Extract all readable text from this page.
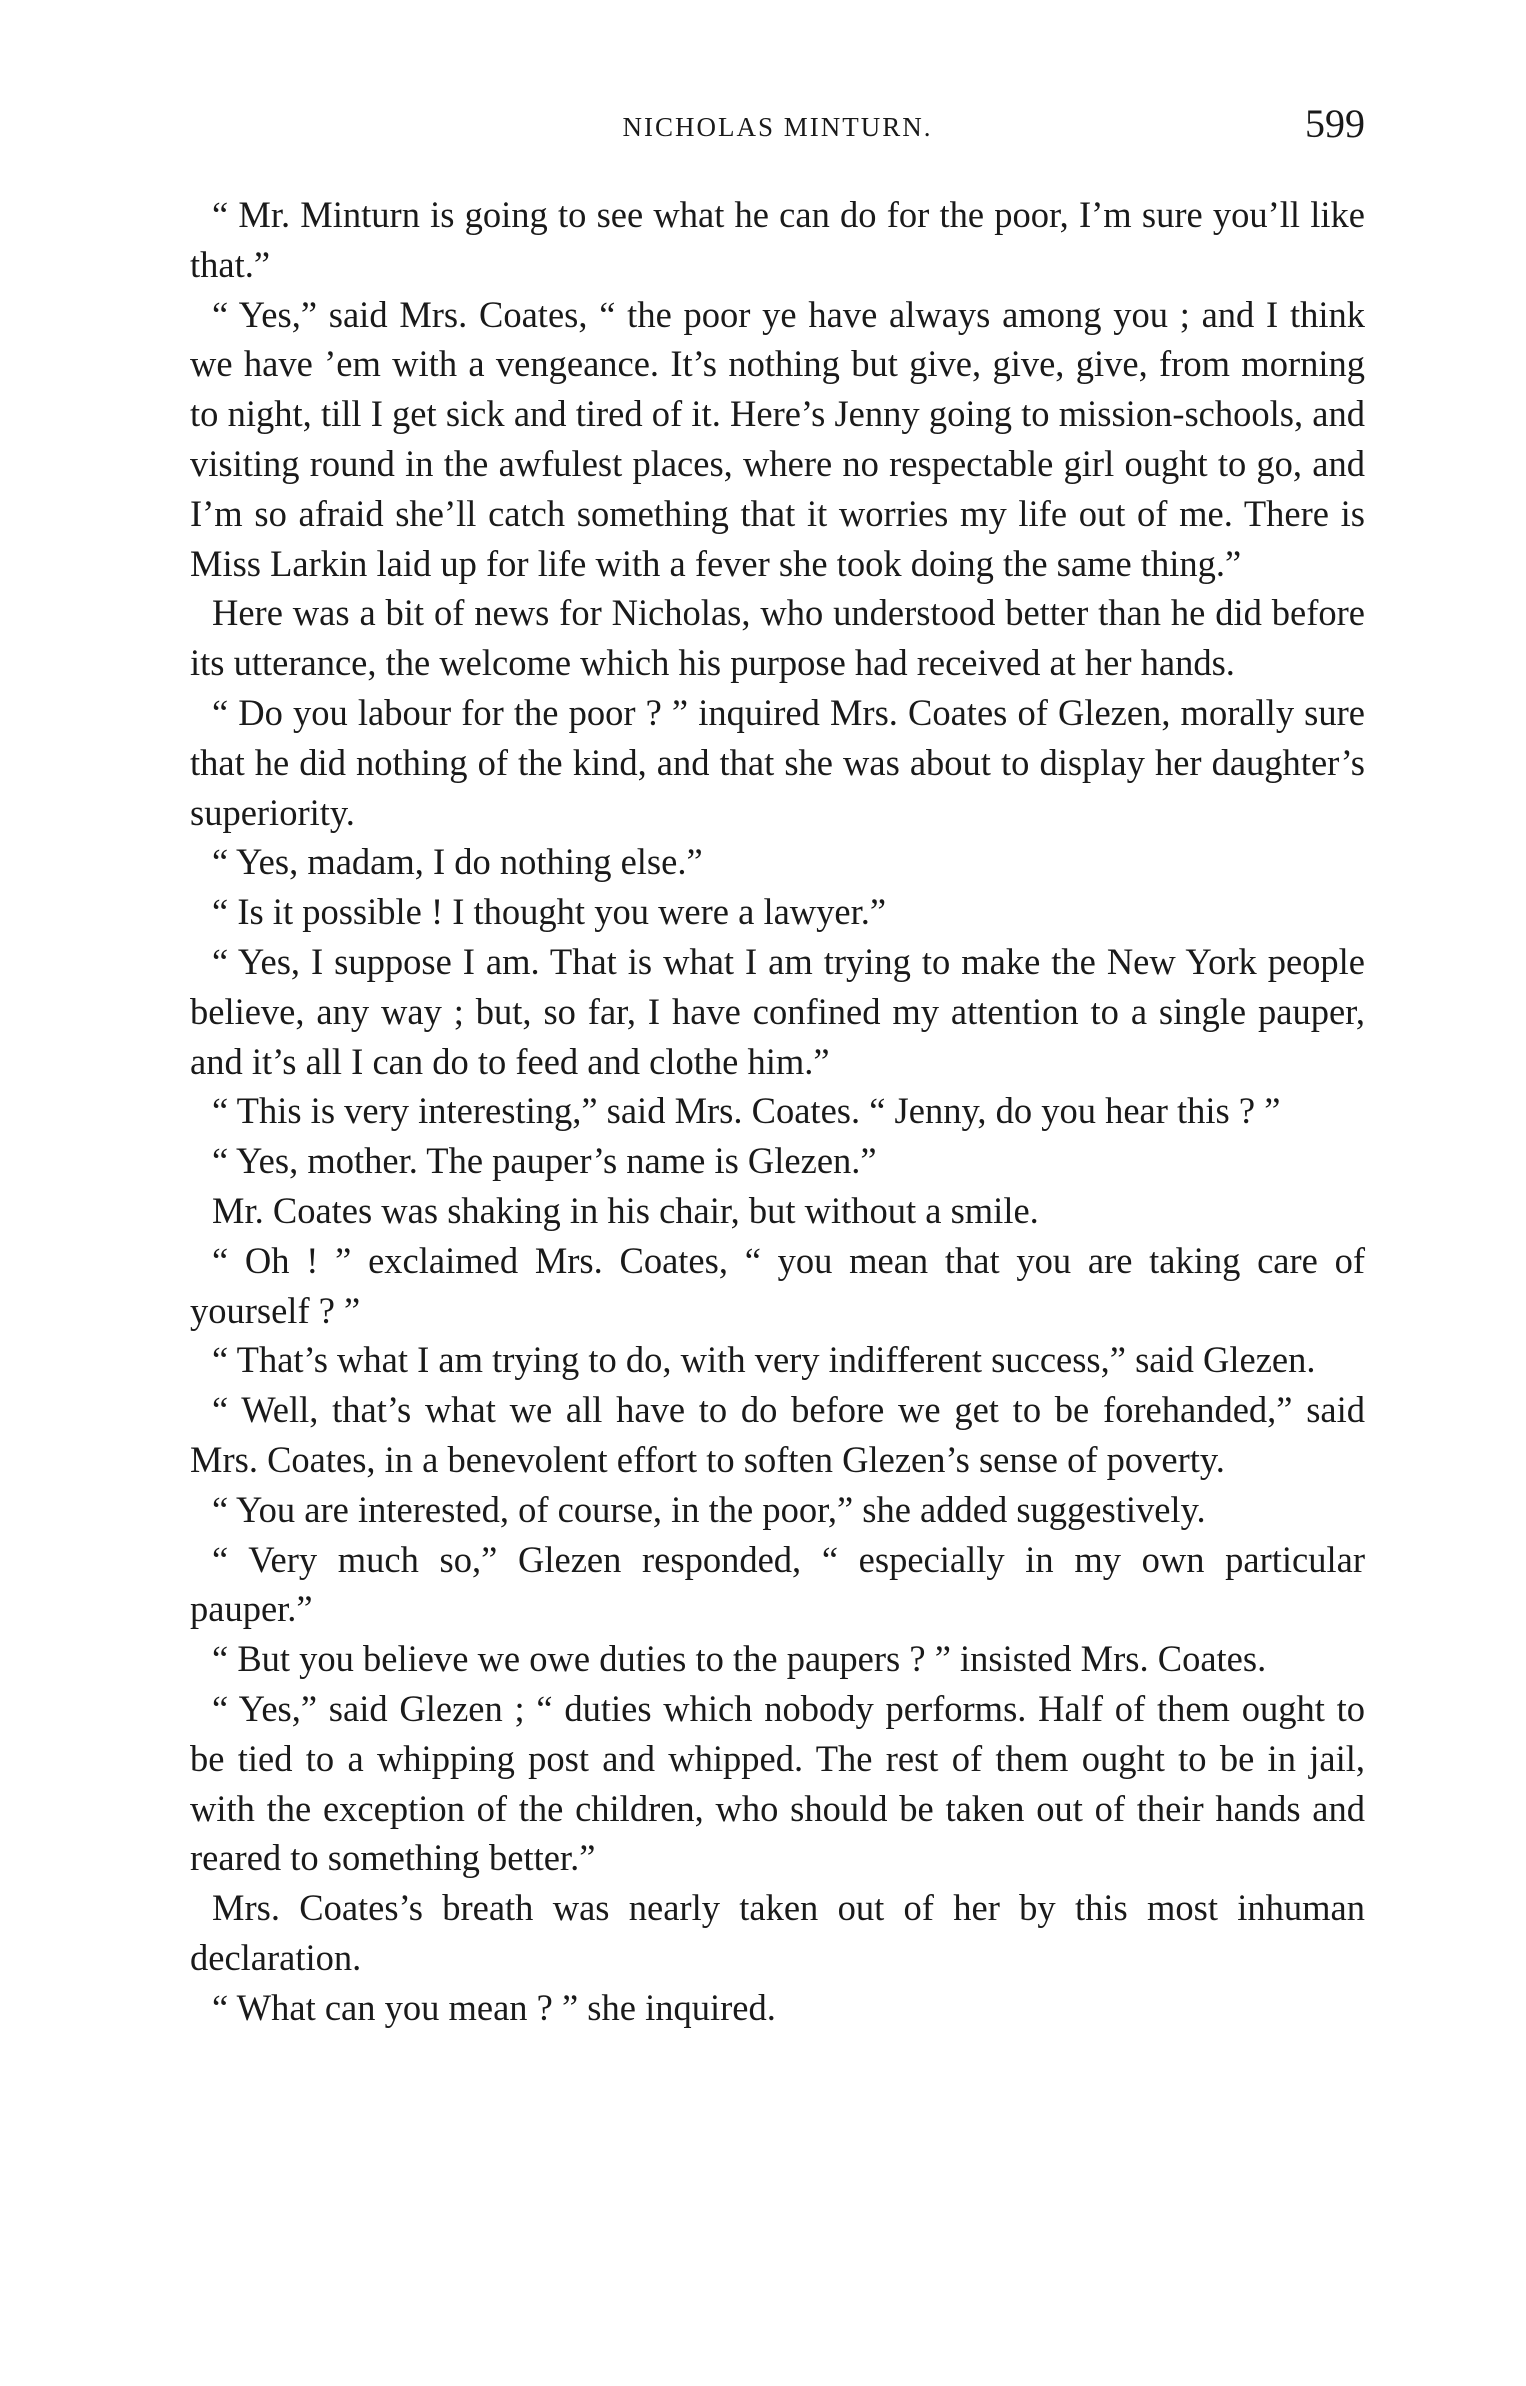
NICHOLAS MINTURN.	599

“ Mr. Minturn is going to see what he can do for the poor, I’m sure you’ll like that.”

“ Yes,” said Mrs. Coates, “ the poor ye have always among you ; and I think we have ’em with a vengeance. It’s nothing but give, give, give, from morning to night, till I get sick and tired of it. Here’s Jenny going to mission-schools, and visiting round in the awfulest places, where no respectable girl ought to go, and I’m so afraid she’ll catch something that it worries my life out of me. There is Miss Larkin laid up for life with a fever she took doing the same thing.”

Here was a bit of news for Nicholas, who understood better than he did before its utterance, the welcome which his purpose had received at her hands.

“ Do you labour for the poor ? ” inquired Mrs. Coates of Glezen, morally sure that he did nothing of the kind, and that she was about to display her daughter’s superiority.

“ Yes, madam, I do nothing else.”

“ Is it possible ! I thought you were a lawyer.”

“ Yes, I suppose I am. That is what I am trying to make the New York people believe, any way ; but, so far, I have confined my attention to a single pauper, and it’s all I can do to feed and clothe him.”

“ This is very interesting,” said Mrs. Coates. “ Jenny, do you hear this ? ”

“ Yes, mother. The pauper’s name is Glezen.”

Mr. Coates was shaking in his chair, but without a smile.

“ Oh ! ” exclaimed Mrs. Coates, “ you mean that you are taking care of yourself ? ”

“ That’s what I am trying to do, with very indifferent success,” said Glezen.

“ Well, that’s what we all have to do before we get to be forehanded,” said Mrs. Coates, in a benevolent effort to soften Glezen’s sense of poverty.

“ You are interested, of course, in the poor,” she added suggestively.

“ Very much so,” Glezen responded, “ especially in my own particular pauper.”

“ But you believe we owe duties to the paupers ? ” insisted Mrs. Coates.

“ Yes,” said Glezen ; “ duties which nobody performs. Half of them ought to be tied to a whipping post and whipped. The rest of them ought to be in jail, with the exception of the children, who should be taken out of their hands and reared to something better.”

Mrs. Coates’s breath was nearly taken out of her by this most inhuman declaration.

“ What can you mean ? ” she inquired.
